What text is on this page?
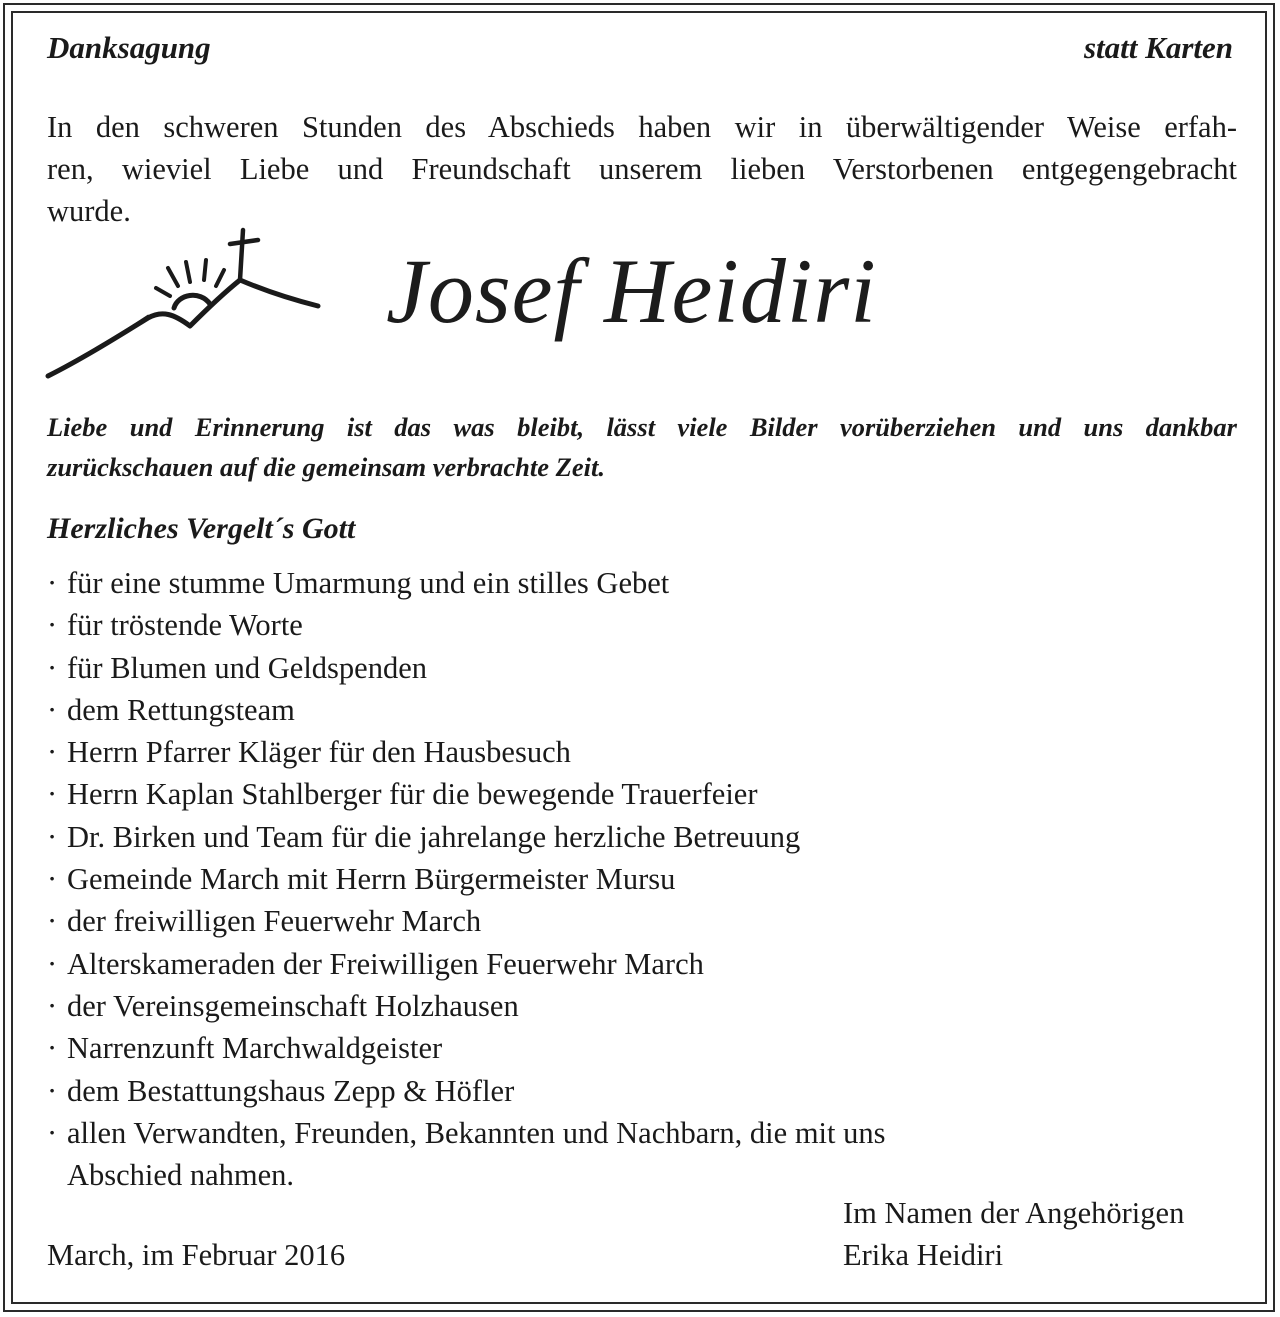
Danksagung	statt Karten
In den schweren Stunden des Abschieds haben wir in überwältigender Weise erfah-
ren, wieviel Liebe und Freundschaft unserem lieben Verstorbenen entgegengebracht
wurde.
Josef Heidiri
Liebe und Erinnerung ist das was bleibt, lässt viele Bilder vorüberziehen und uns dankbar
zurückschauen auf die gemeinsam verbrachte Zeit.
Herzliches Vergelt´s Gott
· für eine stumme Umarmung und ein stilles Gebet
· für tröstende Worte
· für Blumen und Geldspenden
· dem Rettungsteam
· Herrn Pfarrer Kläger für den Hausbesuch
· Herrn Kaplan Stahlberger für die bewegende Trauerfeier
· Dr. Birken und Team für die jahrelange herzliche Betreuung
· Gemeinde March mit Herrn Bürgermeister Mursu
· der freiwilligen Feuerwehr March
· Alterskameraden der Freiwilligen Feuerwehr March
· der Vereinsgemeinschaft Holzhausen
· Narrenzunft Marchwaldgeister
· dem Bestattungshaus Zepp & Höfler
· allen Verwandten, Freunden, Bekannten und Nachbarn, die mit uns
Abschied nahmen.
Im Namen der Angehörigen
Erika Heidiri
March, im Februar 2016
